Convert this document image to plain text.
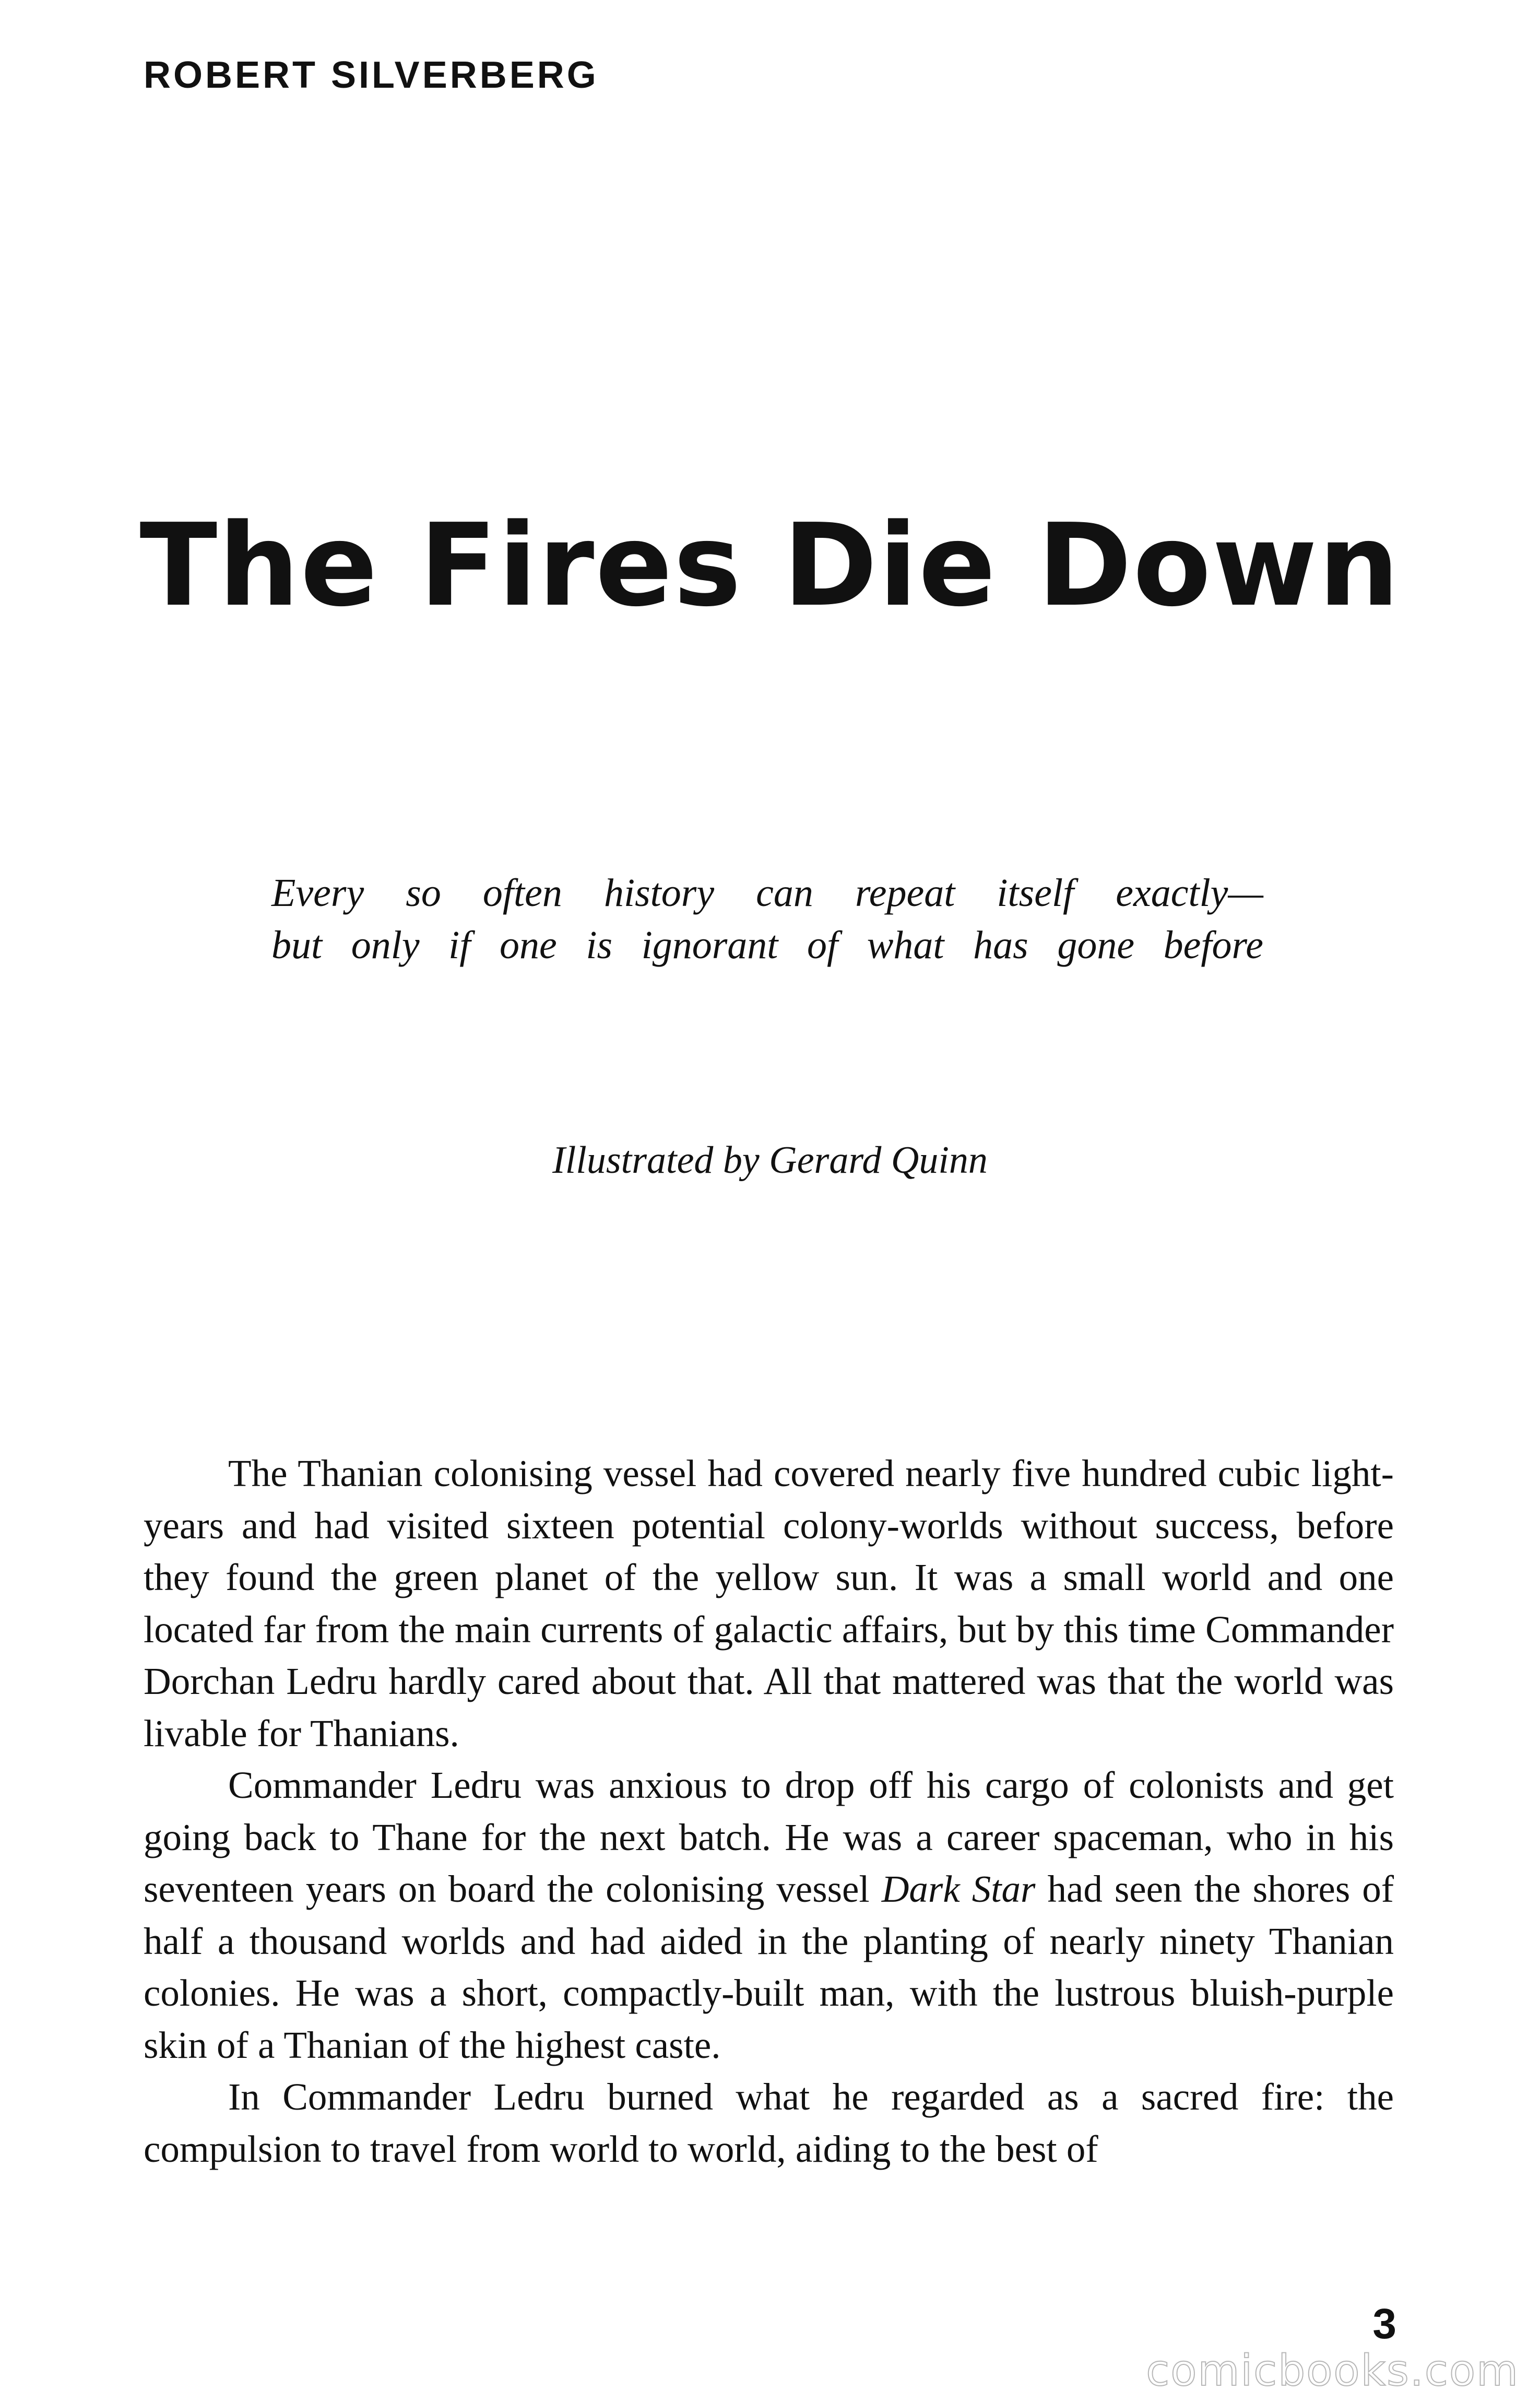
ROBERT SILVERBERG
The Fires Die Down

Every so often history can repeat itself exactly—

but only if one is ignorant of what has gone before

Illustrated by Gerard Quinn

The Thanian colonising vessel had covered nearly five hundred cubic light-years and had visited sixteen potential colony-worlds without success, before they found the green planet of the yellow sun. It was a small world and one located far from the main currents of galactic affairs, but by this time Commander Dorchan Ledru hardly cared about that. All that mattered was that the world was livable for Thanians.

Commander Ledru was anxious to drop off his cargo of colonists and get going back to Thane for the next batch. He was a career spaceman, who in his seventeen years on board the colonising vessel Dark Star had seen the shores of half a thousand worlds and had aided in the planting of nearly ninety Thanian colonies. He was a short, compactly-built man, with the lustrous bluish-purple skin of a Thanian of the highest caste.

In Commander Ledru burned what he regarded as a sacred fire: the compulsion to travel from world to world, aiding to the best of

3
comicbooks.com
